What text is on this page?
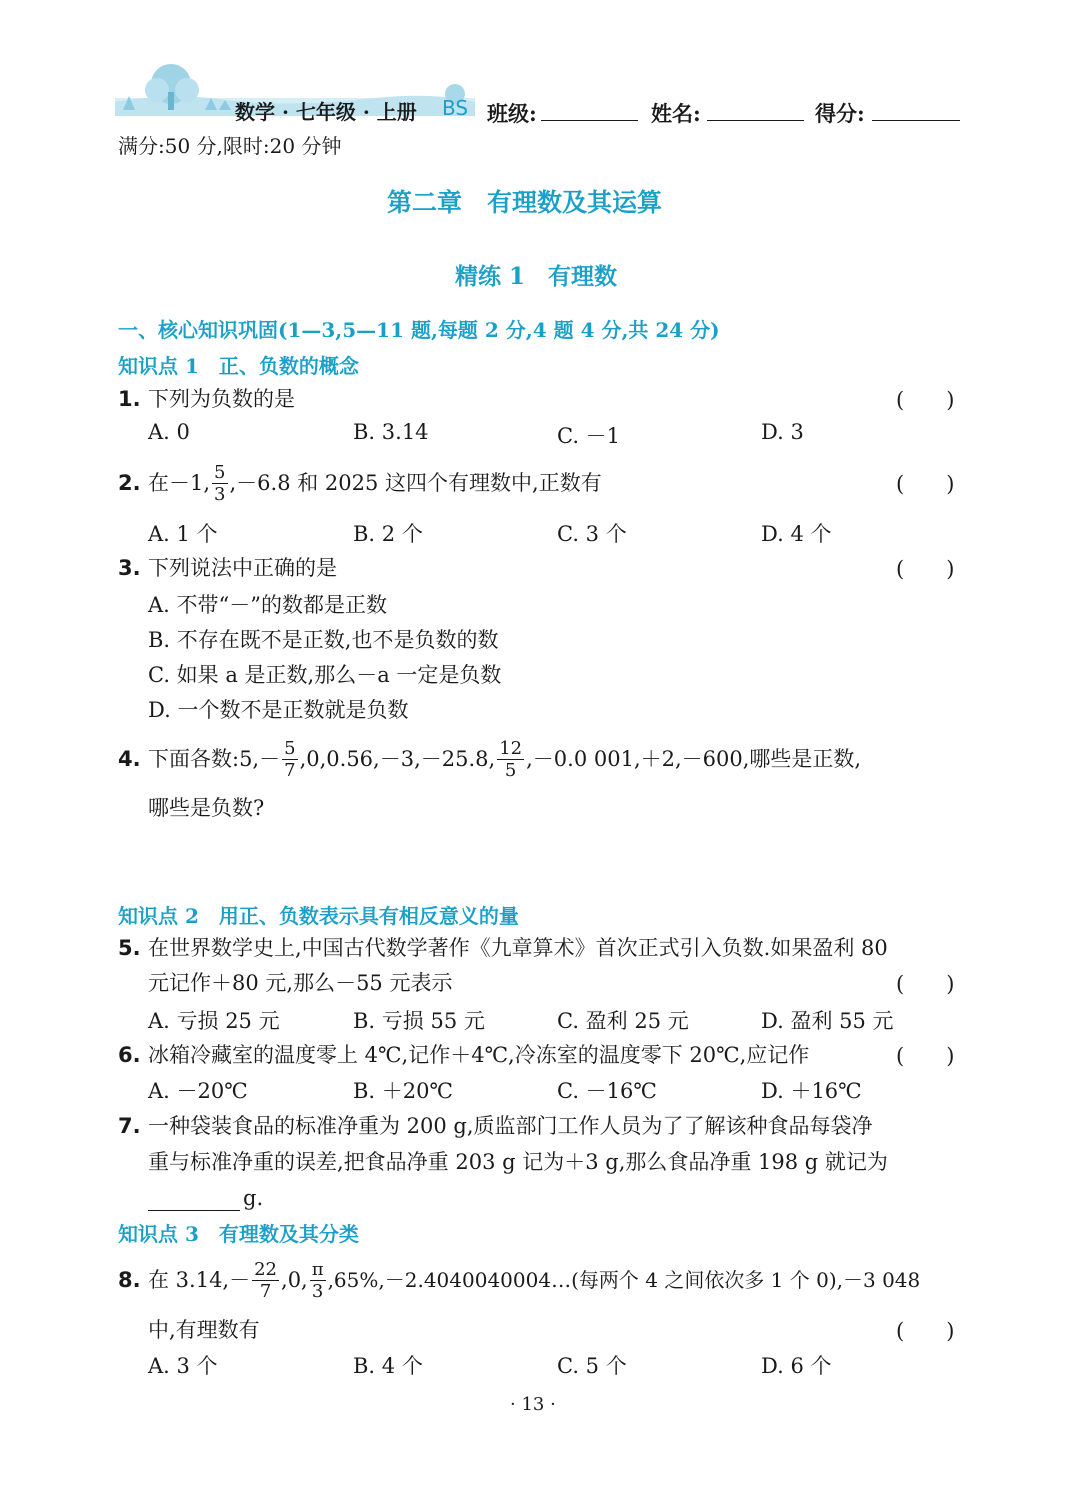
数学 · 七年级 · 上册 BS 班级:	姓名:	得分:
满分:50 分,限时:20 分钟
第二章　有理数及其运算
精练 1　有理数
一、核心知识巩固(1—3,5—11 题,每题 2 分,4 题 4 分,共 24 分)
知识点 1　正、负数的概念
1. 下列为负数的是	(　　)
A. 0	B. 3.14	C. －1	D. 3
2. 在－1, $\frac{5}{3} ,-6.8$ 和 2025 这四个有理数中,正数有	(　　)
A. 1 个	B. 2 个	C. 3 个	D. 4 个
3. 下列说法中正确的是	(　　)
A. 不带“－”的数都是正数
B. 不存在既不是正数,也不是负数的数
C. 如果 a 是正数,那么－a 一定是负数
D. 一个数不是正数就是负数
4. 下面各数:5,－ $\frac{5}{7} ,0,0.56,-3,-25.8$, $\frac{12}{5} ,-0.0$ 001,＋2,－600,哪些是正数,
哪些是负数?
知识点 2　用正、负数表示具有相反意义的量
5. 在世界数学史上,中国古代数学著作《九章算术》首次正式引入负数.如果盈利 80
元记作＋80 元,那么－55 元表示	(　　)
A. 亏损 25 元	B. 亏损 55 元	C. 盈利 25 元	D. 盈利 55 元
6. 冰箱冷藏室的温度零上 4℃,记作＋4℃,冷冻室的温度零下 20℃,应记作	(　　)
A. －20℃	B. ＋20℃	C. －16℃	D. ＋16℃
7. 一种袋装食品的标准净重为 200 g,质监部门工作人员为了了解该种食品每袋净
重与标准净重的误差,把食品净重 203 g 记为＋3 g,那么食品净重 198 g 就记为
g.
知识点 3　有理数及其分类
8. 在 $3.14,- \frac{22}{7} ,0$, $\frac{\pi}{3}$ ,65%,－2.4040040004…(每两个 4 之间依次多 1 个 0),－3 048
中,有理数有	(　　)
A. 3 个	B. 4 个	C. 5 个	D. 6 个
· 13 ·
